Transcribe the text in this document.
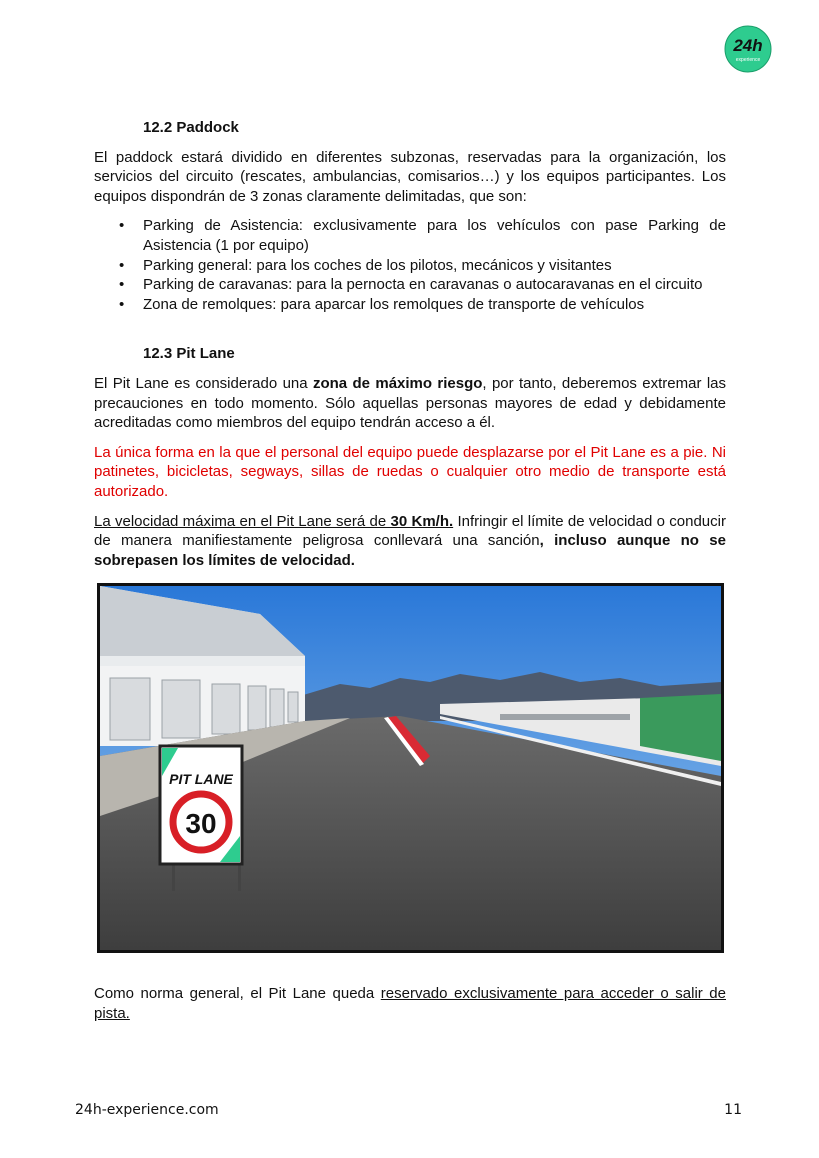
24h
experience
12.2 Paddock

El paddock estará dividido en diferentes subzonas, reservadas para la organización, los servicios del circuito (rescates, ambulancias, comisarios…) y los equipos participantes. Los equipos dispondrán de 3 zonas claramente delimitadas, que son:

• Parking de Asistencia: exclusivamente para los vehículos con pase Parking de Asistencia (1 por equipo)
• Parking general: para los coches de los pilotos, mecánicos y visitantes
• Parking de caravanas: para la pernocta en caravanas o autocaravanas en el circuito
• Zona de remolques: para aparcar los remolques de transporte de vehículos
12.3 Pit Lane

El Pit Lane es considerado una zona de máximo riesgo, por tanto, deberemos extremar las precauciones en todo momento. Sólo aquellas personas mayores de edad y debidamente acreditadas como miembros del equipo tendrán acceso a él.

La única forma en la que el personal del equipo puede desplazarse por el Pit Lane es a pie. Ni patinetes, bicicletas, segways, sillas de ruedas o cualquier otro medio de transporte está autorizado.

La velocidad máxima en el Pit Lane será de 30 Km/h. Infringir el límite de velocidad o conducir de manera manifiestamente peligrosa conllevará una sanción, incluso aunque no se sobrepasen los límites de velocidad.

PIT LANE
30

Como norma general, el Pit Lane queda reservado exclusivamente para acceder o salir de pista.

24h-experience.com	11
